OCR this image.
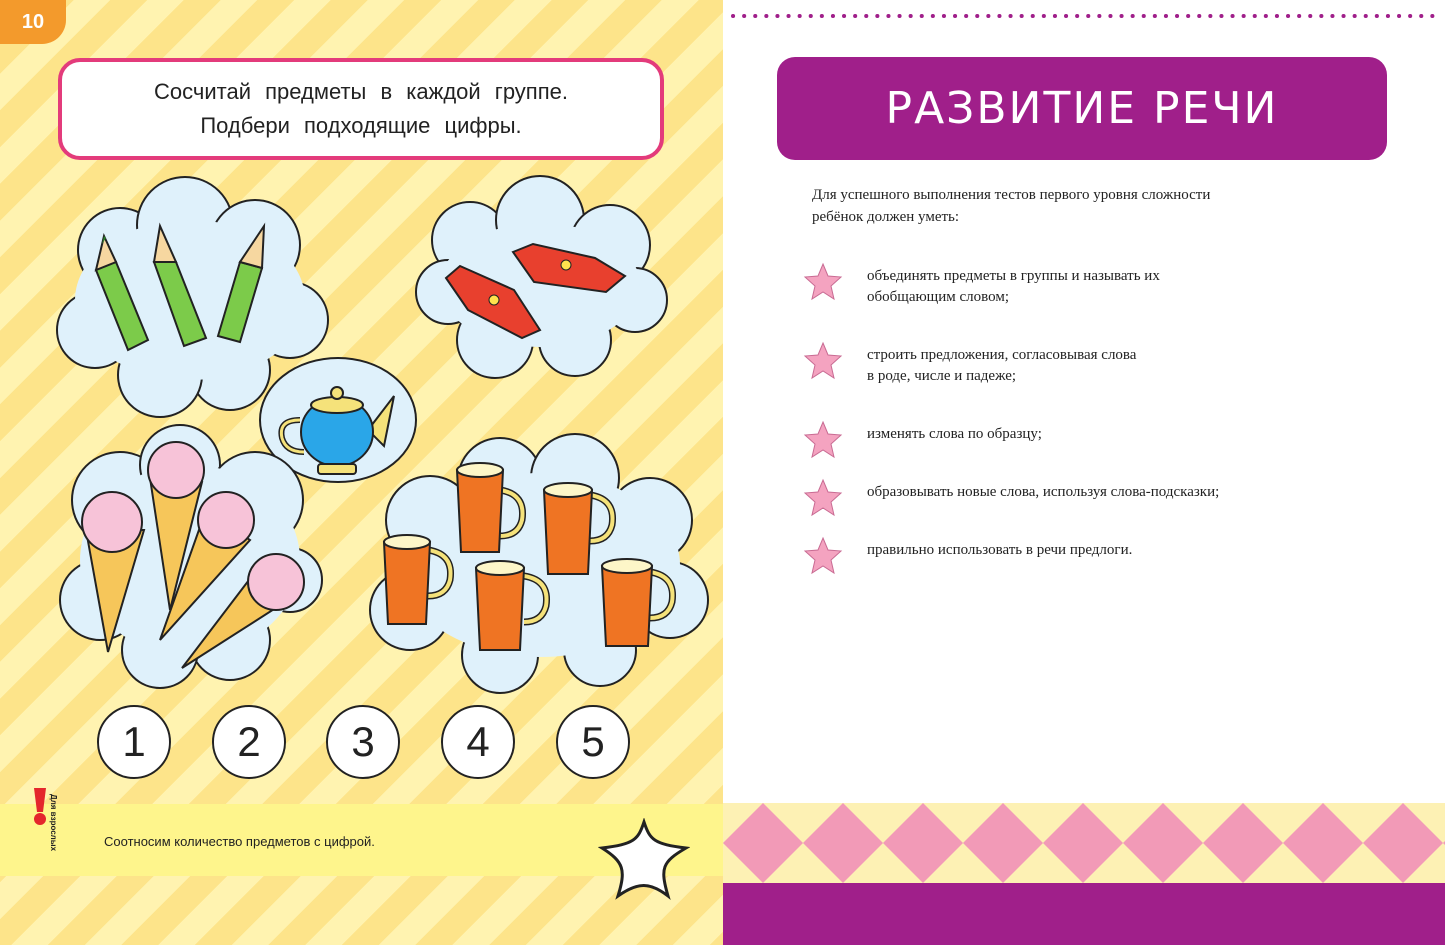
10
Сосчитай предметы в каждой группе.
Подбери подходящие цифры.
1	2	3	4	5
Для взрослых	Соотносим количество предметов с цифрой.
РАЗВИТИЕ РЕЧИ
Для успешного выполнения тестов первого уровня сложности
ребёнок должен уметь:
объединять предметы в группы и называть их
обобщающим словом;
строить предложения, согласовывая слова
в роде, числе и падеже;
изменять слова по образцу;
образовывать новые слова, используя слова-подсказки;
правильно использовать в речи предлоги.
